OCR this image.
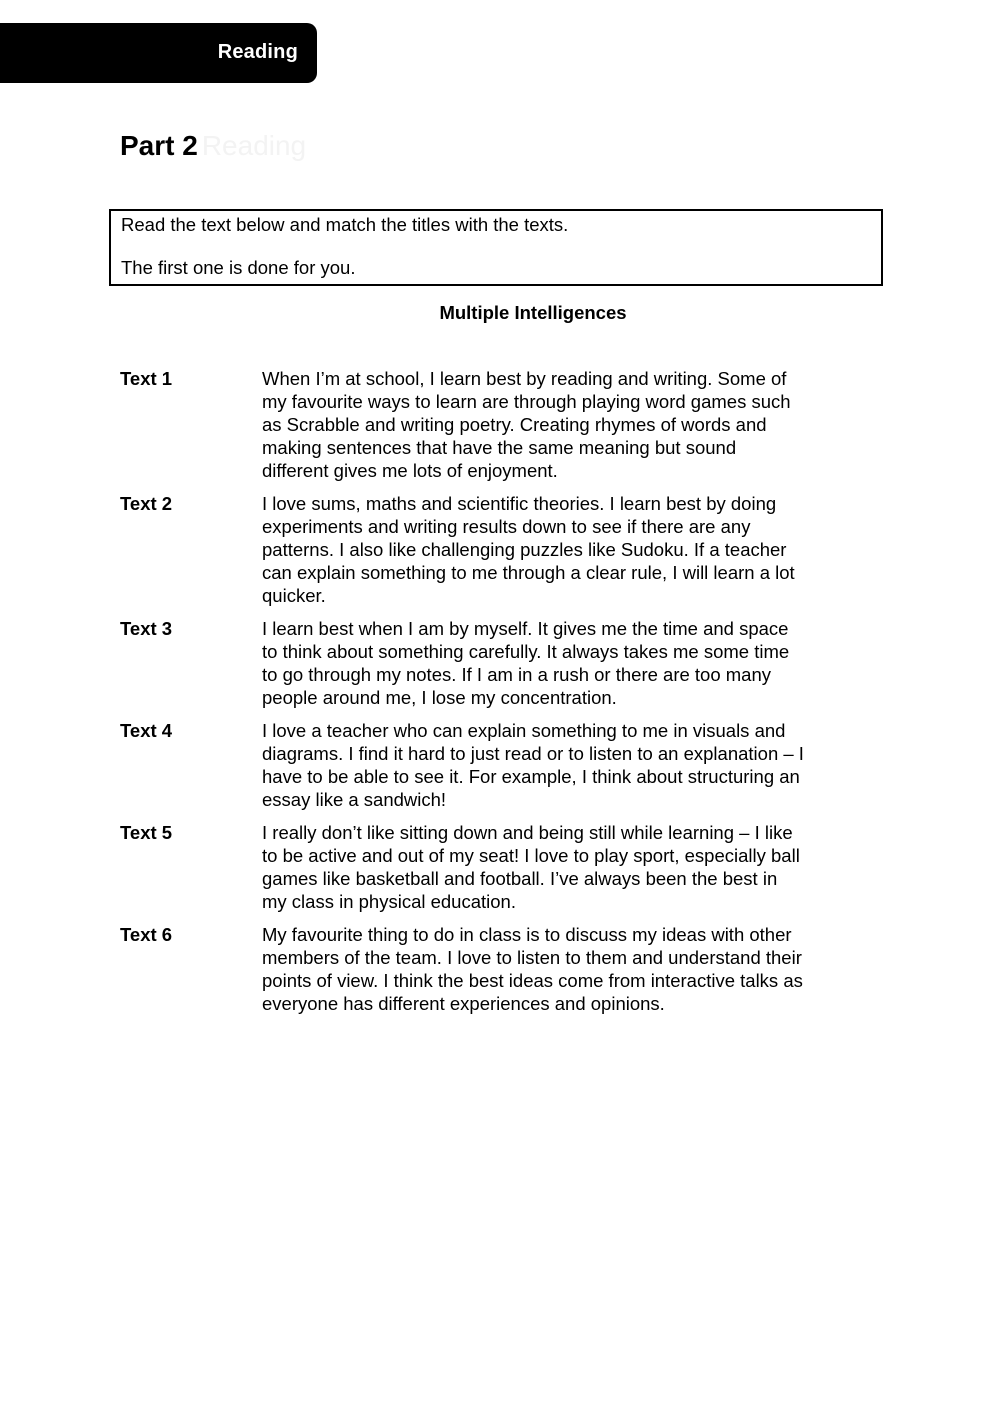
Reading
Part 2 Reading
Read the text below and match the titles with the texts.
The first one is done for you.
Multiple Intelligences
Text 1	When I’m at school, I learn best by reading and writing. Some of my favourite ways to learn are through playing word games such as Scrabble and writing poetry. Creating rhymes of words and making sentences that have the same meaning but sound different gives me lots of enjoyment.
Text 2	I love sums, maths and scientific theories. I learn best by doing experiments and writing results down to see if there are any patterns. I also like challenging puzzles like Sudoku. If a teacher can explain something to me through a clear rule, I will learn a lot quicker.
Text 3	I learn best when I am by myself. It gives me the time and space to think about something carefully. It always takes me some time to go through my notes. If I am in a rush or there are too many people around me, I lose my concentration.
Text 4	I love a teacher who can explain something to me in visuals and diagrams. I find it hard to just read or to listen to an explanation – I have to be able to see it. For example, I think about structuring an essay like a sandwich!
Text 5	I really don’t like sitting down and being still while learning – I like to be active and out of my seat! I love to play sport, especially ball games like basketball and football. I’ve always been the best in my class in physical education.
Text 6	My favourite thing to do in class is to discuss my ideas with other members of the team. I love to listen to them and understand their points of view. I think the best ideas come from interactive talks as everyone has different experiences and opinions.
